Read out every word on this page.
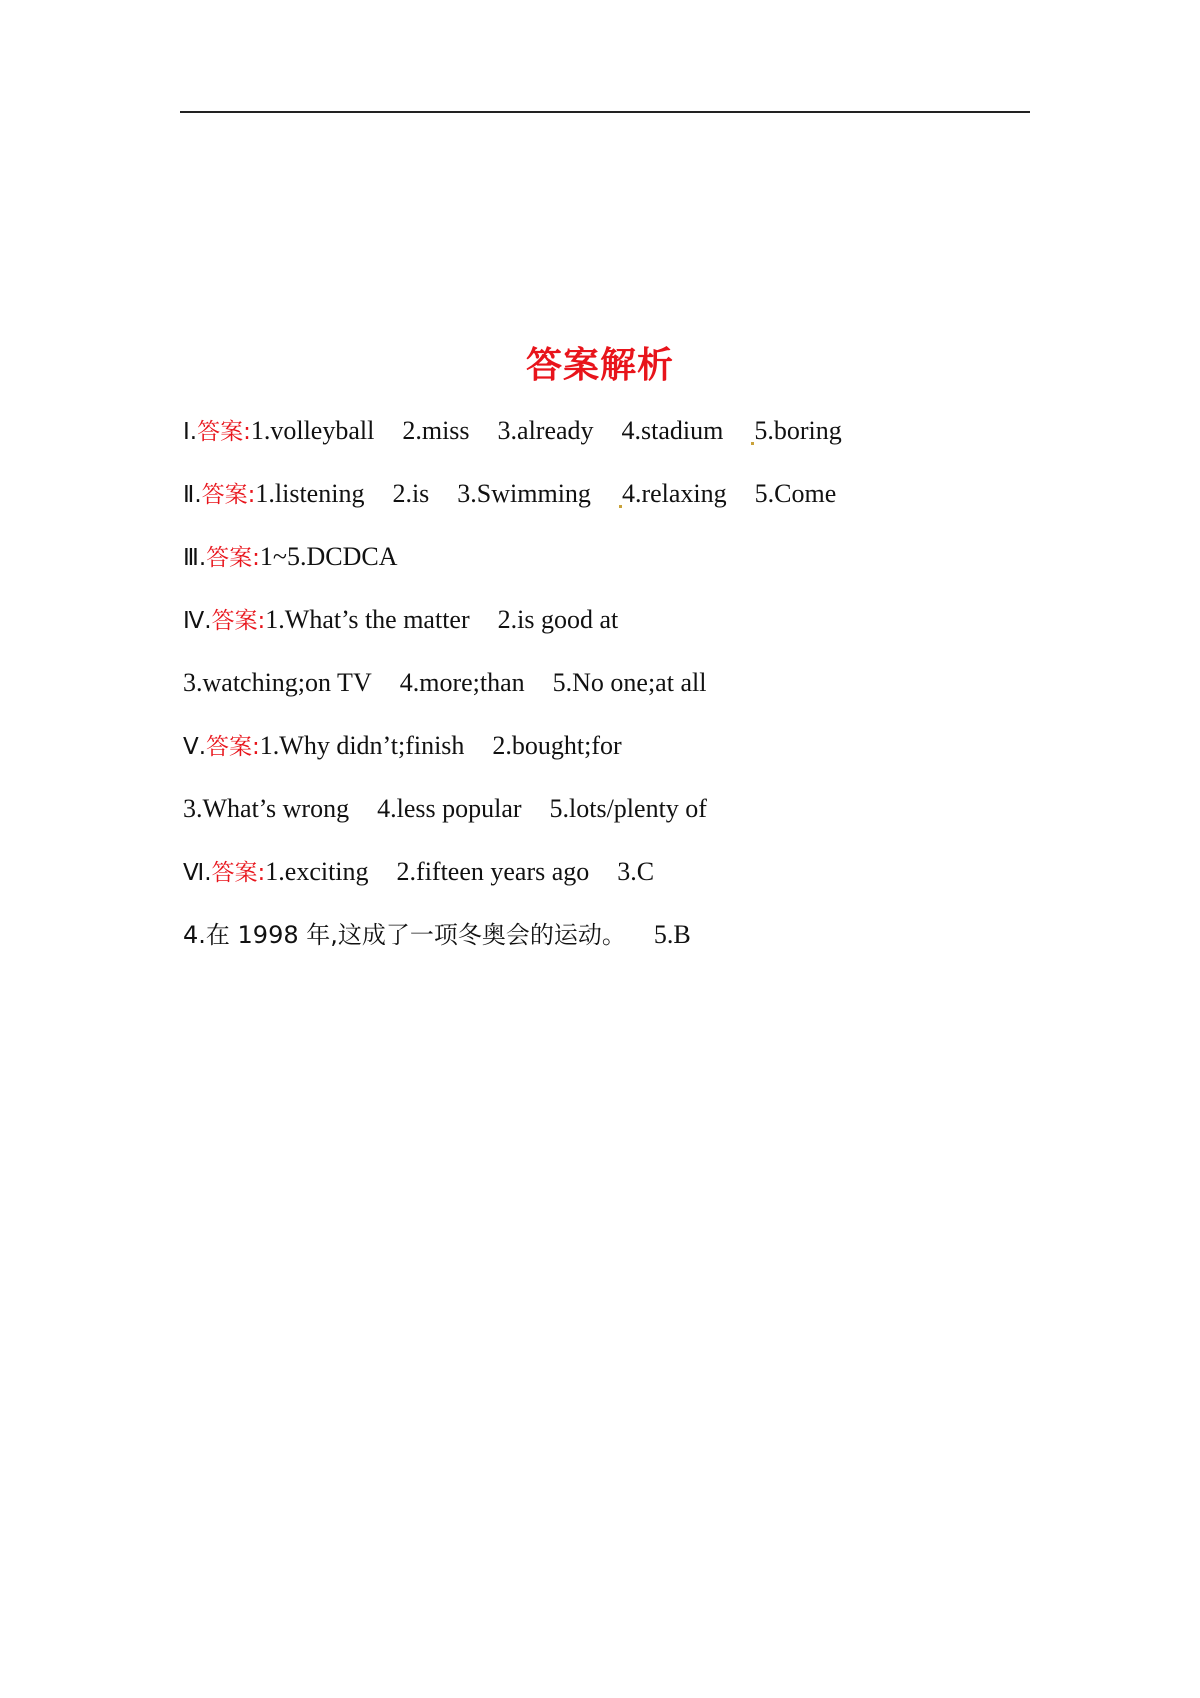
答案解析
Ⅰ.答案:1.volleyball 2.miss 3.already 4.stadium 5.boring
Ⅱ.答案:1.listening 2.is 3.Swimming 4.relaxing 5.Come
Ⅲ.答案:1~5.DCDCA
Ⅳ.答案:1.What’s the matter 2.is good at
3.watching;on TV 4.more;than 5.No one;at all
Ⅴ.答案:1.Why didn’t;finish 2.bought;for
3.What’s wrong 4.less popular 5.lots/plenty of
Ⅵ.答案:1.exciting 2.fifteen years ago 3.C
4.在 1998 年,这成了一项冬奥会的运动。 5.B
